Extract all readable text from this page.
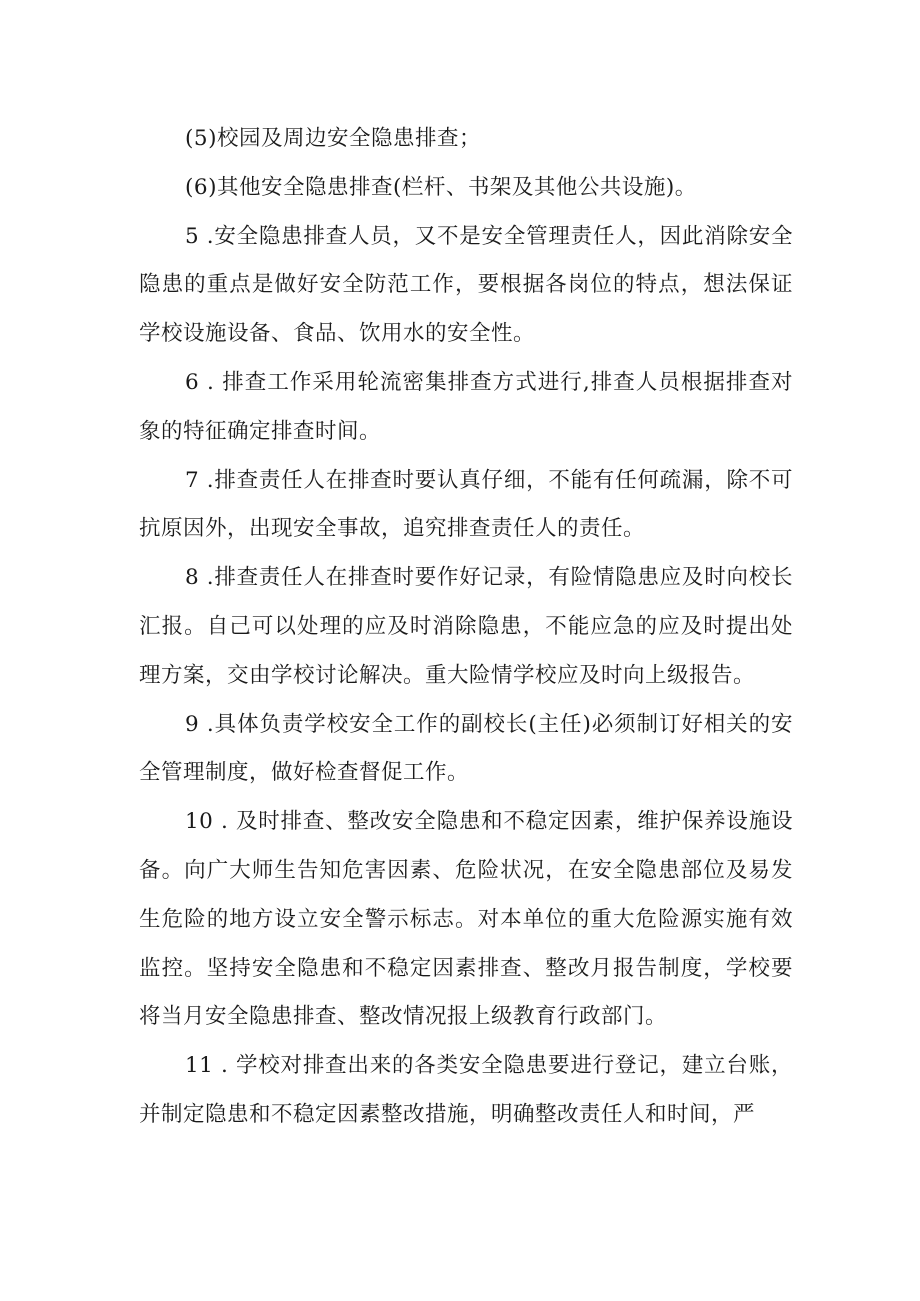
(5)校园及周边安全隐患排查；

(6)其他安全隐患排查(栏杆、书架及其他公共设施)。

5 .安全隐患排查人员，又不是安全管理责任人，因此消除安全隐患的重点是做好安全防范工作，要根据各岗位的特点，想法保证学校设施设备、食品、饮用水的安全性。

6 . 排查工作采用轮流密集排查方式进行,排查人员根据排查对象的特征确定排查时间。

7 .排查责任人在排查时要认真仔细，不能有任何疏漏，除不可抗原因外，出现安全事故，追究排查责任人的责任。

8 .排查责任人在排查时要作好记录，有险情隐患应及时向校长汇报。自己可以处理的应及时消除隐患，不能应急的应及时提出处理方案，交由学校讨论解决。重大险情学校应及时向上级报告。

9 .具体负责学校安全工作的副校长(主任)必须制订好相关的安全管理制度，做好检查督促工作。

10 . 及时排查、整改安全隐患和不稳定因素，维护保养设施设备。向广大师生告知危害因素、危险状况，在安全隐患部位及易发生危险的地方设立安全警示标志。对本单位的重大危险源实施有效监控。坚持安全隐患和不稳定因素排查、整改月报告制度，学校要将当月安全隐患排查、整改情况报上级教育行政部门。

11 . 学校对排查出来的各类安全隐患要进行登记，建立台账，并制定隐患和不稳定因素整改措施，明确整改责任人和时间，严
